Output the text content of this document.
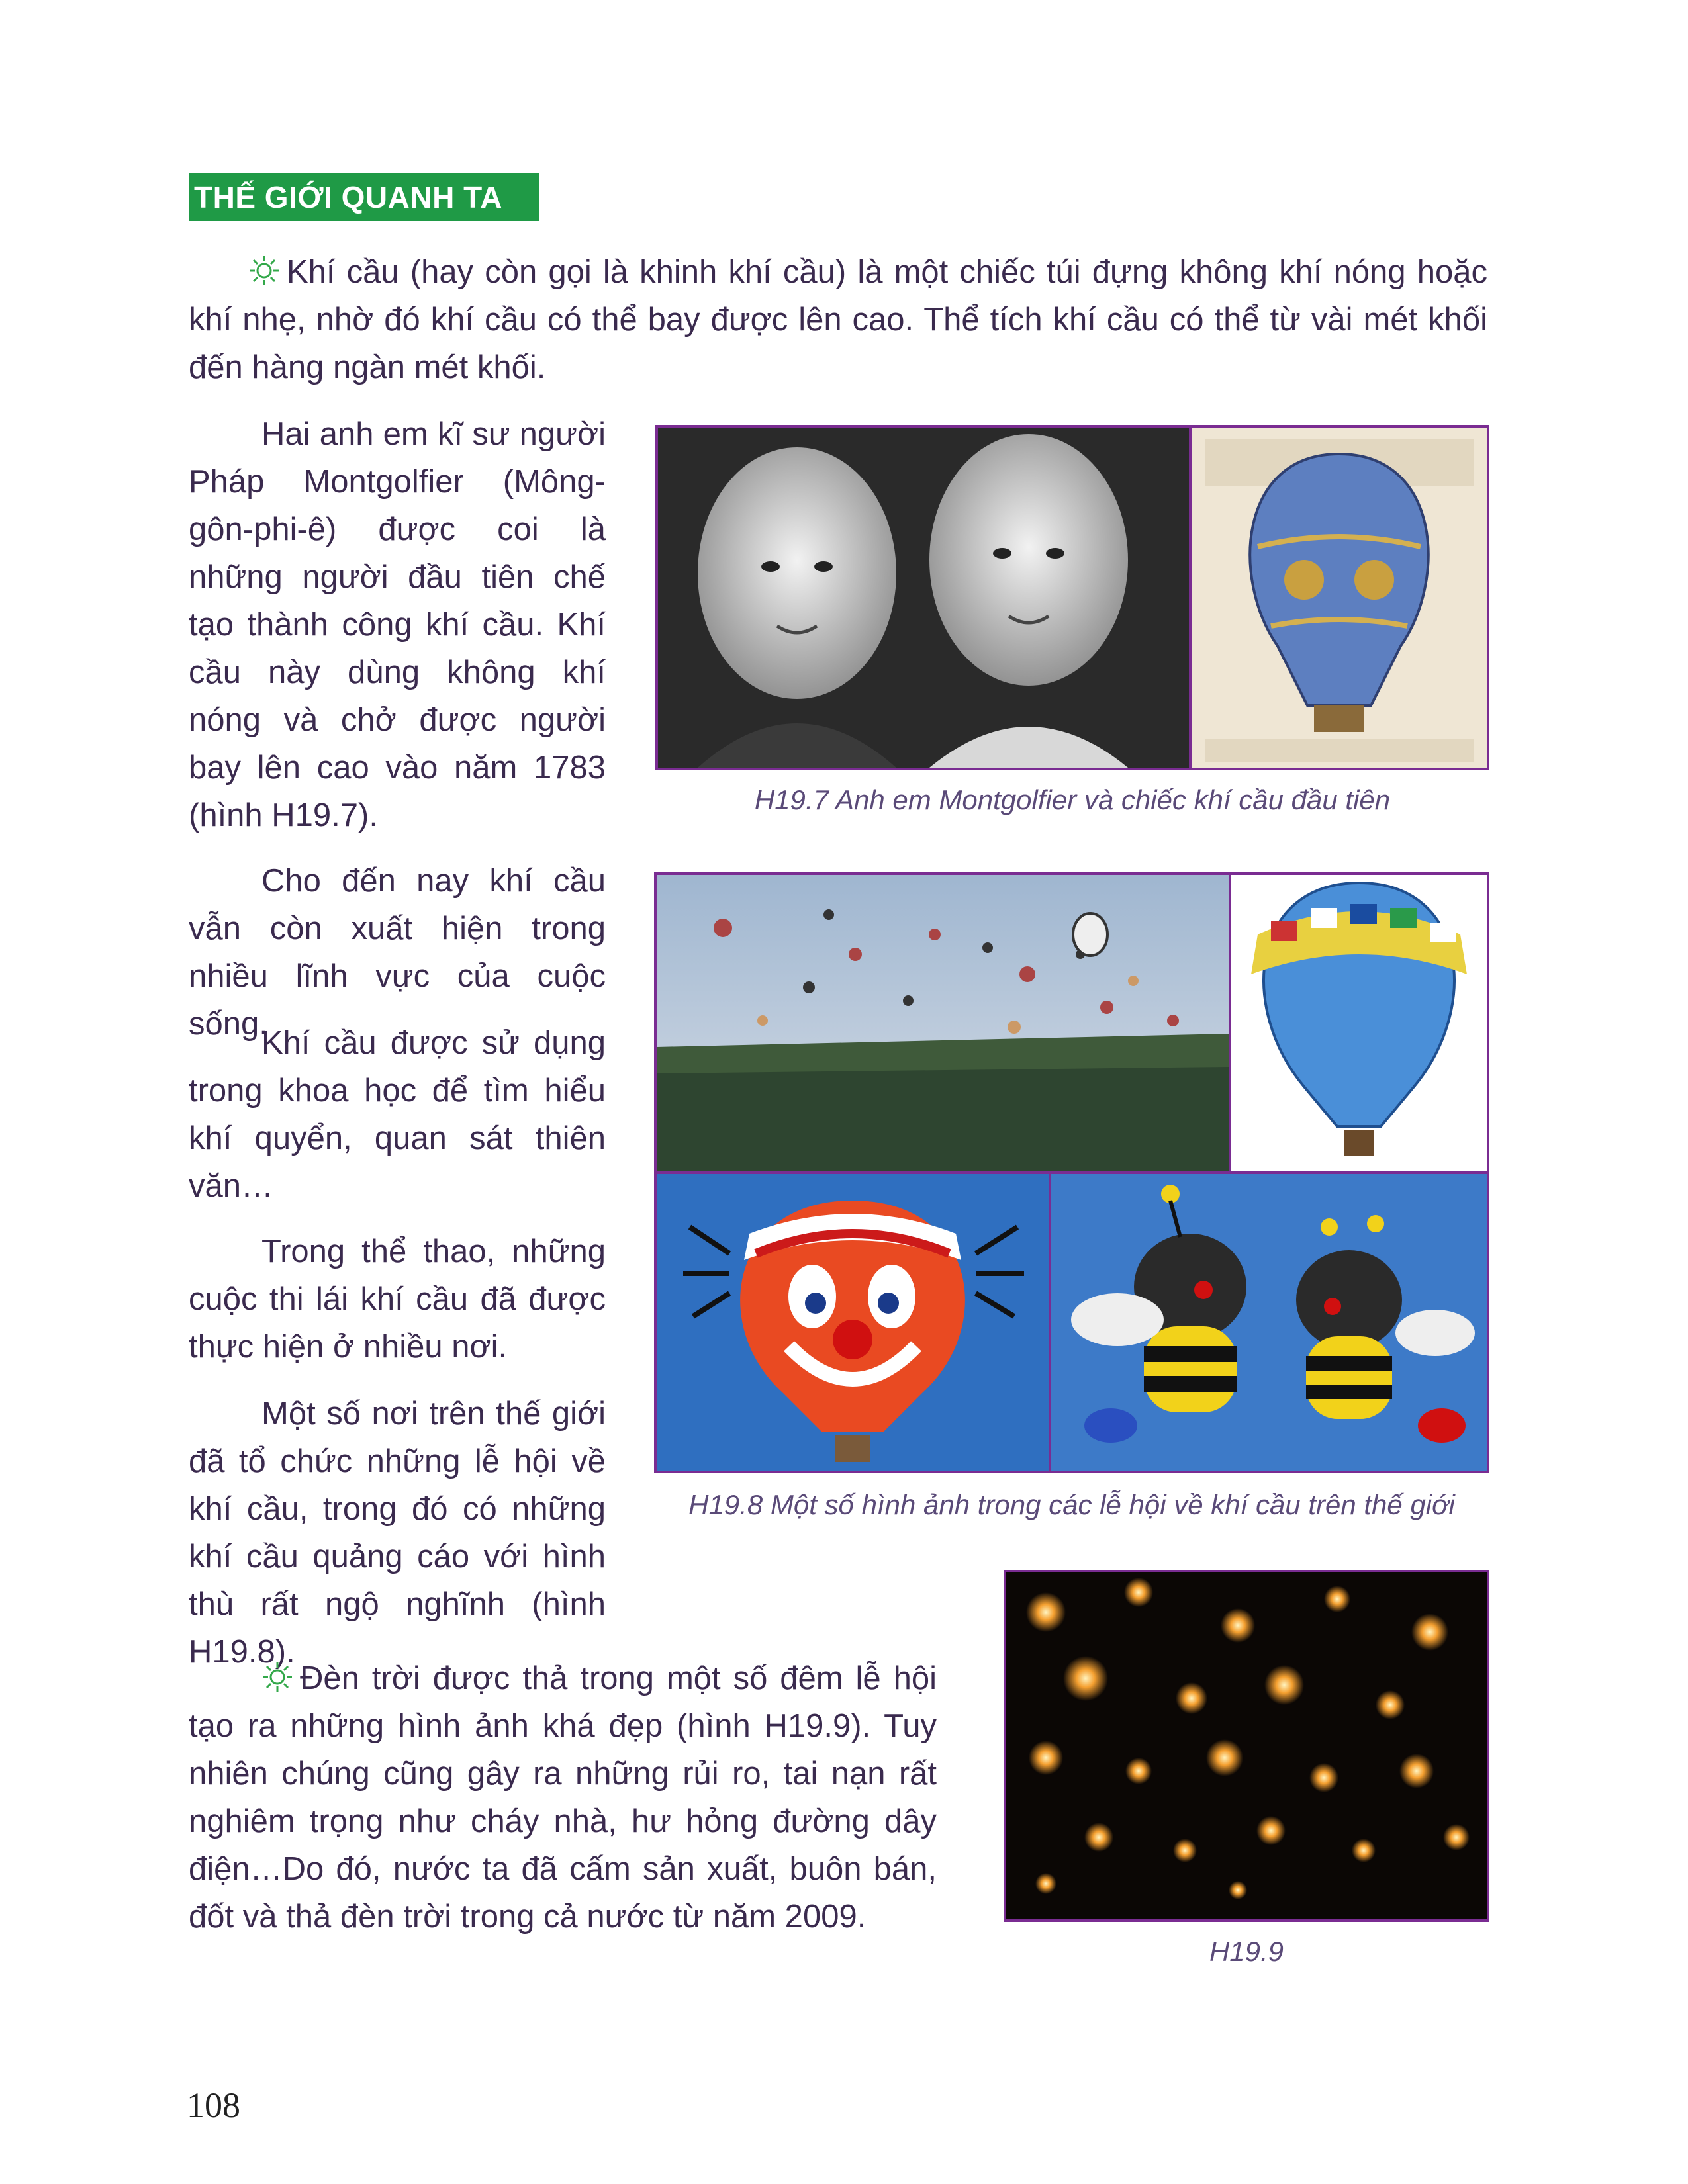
THẾ GIỚI QUANH TA

Khí cầu (hay còn gọi là khinh khí cầu) là một chiếc túi đựng không khí nóng hoặc khí nhẹ, nhờ đó khí cầu có thể bay được lên cao. Thể tích khí cầu có thể từ vài mét khối đến hàng ngàn mét khối.

Hai anh em kĩ sư người Pháp Montgolfier (Mông-gôn-phi-ê) được coi là những người đầu tiên chế tạo thành công khí cầu. Khí cầu này dùng không khí nóng và chở được người bay lên cao vào năm 1783 (hình H19.7).

Cho đến nay khí cầu vẫn còn xuất hiện trong nhiều lĩnh vực của cuộc sống.

Khí cầu được sử dụng trong khoa học để tìm hiểu khí quyển, quan sát thiên văn…

Trong thể thao, những cuộc thi lái khí cầu đã được thực hiện ở nhiều nơi.

Một số nơi trên thế giới đã tổ chức những lễ hội về khí cầu, trong đó có những khí cầu quảng cáo với hình thù rất ngộ nghĩnh (hình H19.8).

Đèn trời được thả trong một số đêm lễ hội tạo ra những hình ảnh khá đẹp (hình H19.9). Tuy nhiên chúng cũng gây ra những rủi ro, tai nạn rất nghiêm trọng như cháy nhà, hư hỏng đường dây điện…Do đó, nước ta đã cấm sản xuất, buôn bán, đốt và thả đèn trời trong cả nước từ năm 2009.

H19.7 Anh em Montgolfier và chiếc khí cầu đầu tiên
H19.8 Một số hình ảnh trong các lễ hội về khí cầu trên thế giới
H19.9
108
